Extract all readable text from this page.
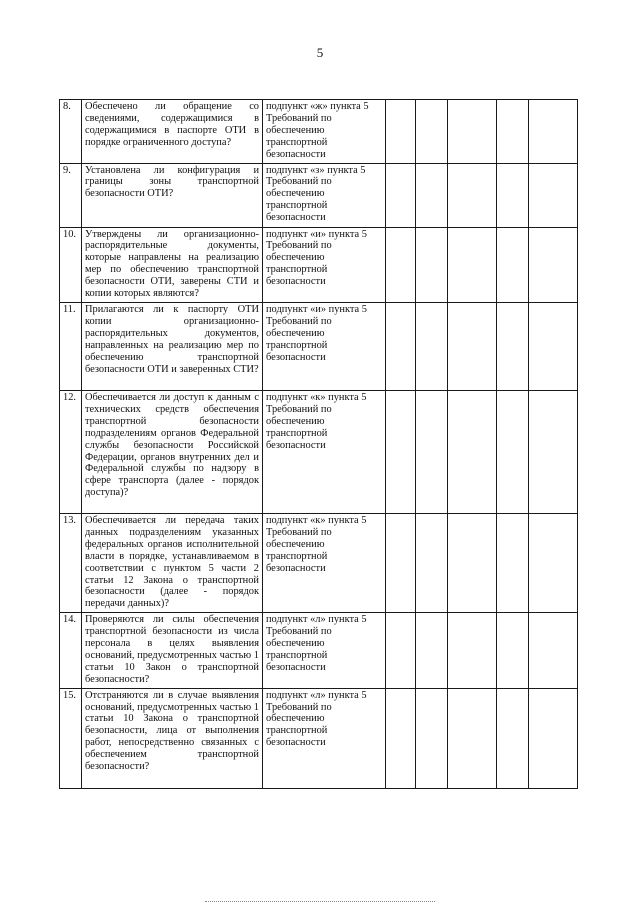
5
8.	Обеспечено ли обращение со сведениями, содержащимися в содержащимися в паспорте ОТИ в порядке ограниченного доступа?	подпункт «ж» пункта 5 Требований по обеспечению транспортной безопасности					
9.	Установлена ли конфигурация и границы зоны транспортной безопасности ОТИ?	подпункт «з» пункта 5 Требований по обеспечению транспортной безопасности					
10.	Утверждены ли организационно-распорядительные документы, которые направлены на реализацию мер по обеспечению транспортной безопасности ОТИ, заверены СТИ и копии которых являются?	подпункт «и» пункта 5 Требований по обеспечению транспортной безопасности					
11.	Прилагаются ли к паспорту ОТИ копии организационно-распорядительных документов, направленных на реализацию мер по обеспечению транспортной безопасности ОТИ и заверенных СТИ?	подпункт «и» пункта 5 Требований по обеспечению транспортной безопасности					
12.	Обеспечивается ли доступ к данным с технических средств обеспечения транспортной безопасности подразделениям органов Федеральной службы безопасности Российской Федерации, органов внутренних дел и Федеральной службы по надзору в сфере транспорта (далее - порядок доступа)?	подпункт «к» пункта 5 Требований по обеспечению транспортной безопасности					
13.	Обеспечивается ли передача таких данных подразделениям указанных федеральных органов исполнительной власти в порядке, устанавливаемом в соответствии с пунктом 5 части 2 статьи 12 Закона о транспортной безопасности (далее - порядок передачи данных)?	подпункт «к» пункта 5 Требований по обеспечению транспортной безопасности					
14.	Проверяются ли силы обеспечения транспортной безопасности из числа персонала в целях выявления оснований, предусмотренных частью 1 статьи 10 Закон о транспортной безопасности?	подпункт «л» пункта 5 Требований по обеспечению транспортной безопасности					
15.	Отстраняются ли в случае выявления оснований, предусмотренных частью 1 статьи 10 Закона о транспортной безопасности, лица от выполнения работ, непосредственно связанных с обеспечением транспортной безопасности?	подпункт «л» пункта 5 Требований по обеспечению транспортной безопасности					
